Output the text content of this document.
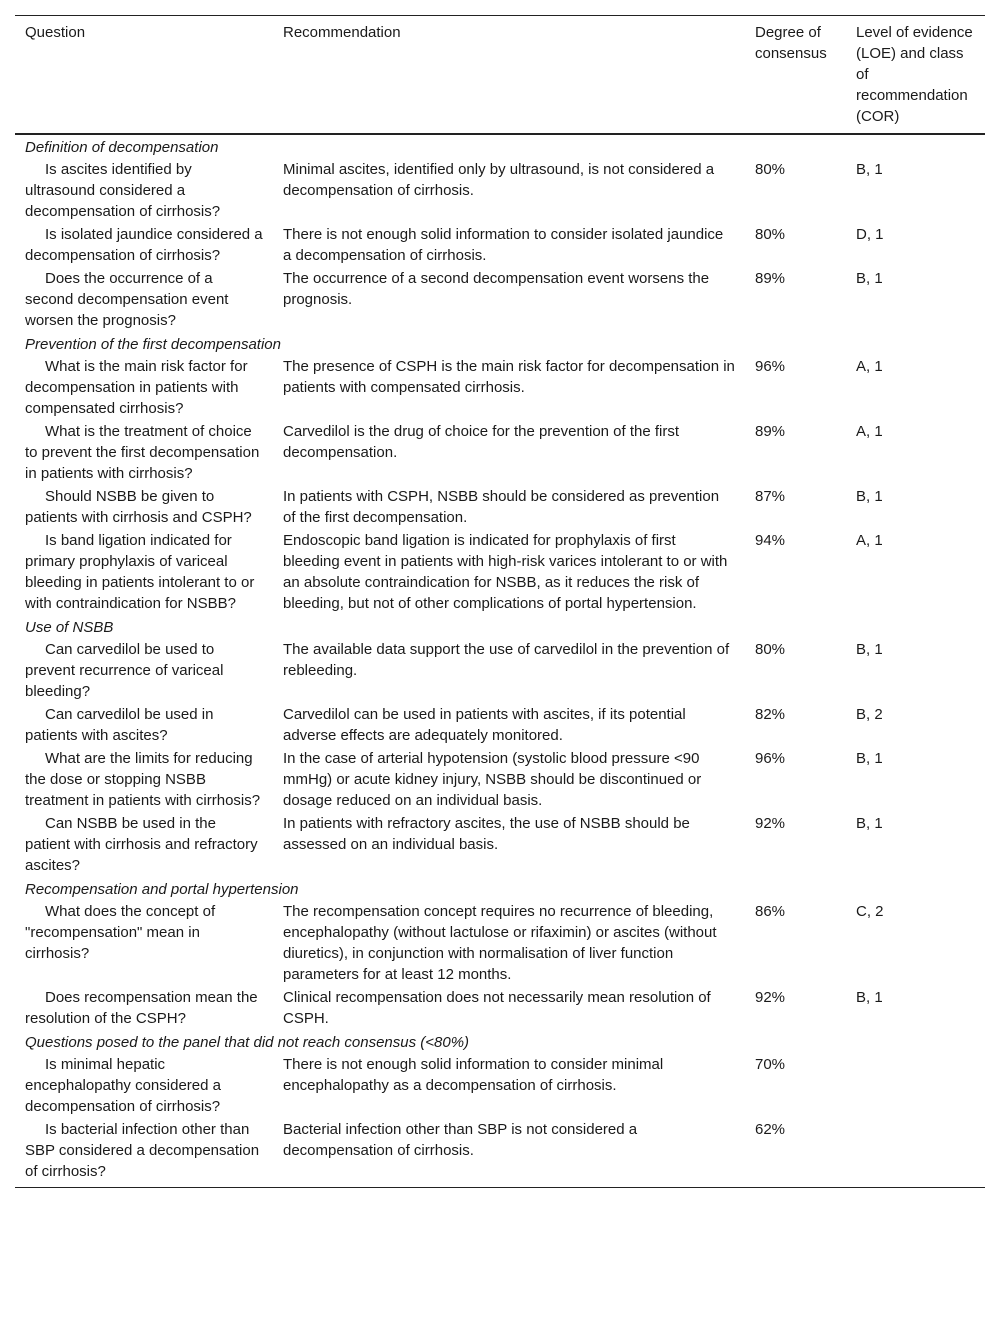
Question	Recommendation	Degree of consensus	Level of evidence (LOE) and class of recommendation (COR)
Definition of decompensation			
Is ascites identified by ultrasound considered a decompensation of cirrhosis?	Minimal ascites, identified only by ultrasound, is not considered a decompensation of cirrhosis.	80%	B, 1
Is isolated jaundice considered a decompensation of cirrhosis?	There is not enough solid information to consider isolated jaundice a decompensation of cirrhosis.	80%	D, 1
Does the occurrence of a second decompensation event worsen the prognosis?	The occurrence of a second decompensation event worsens the prognosis.	89%	B, 1
Prevention of the first decompensation			
What is the main risk factor for decompensation in patients with compensated cirrhosis?	The presence of CSPH is the main risk factor for decompensation in patients with compensated cirrhosis.	96%	A, 1
What is the treatment of choice to prevent the first decompensation in patients with cirrhosis?	Carvedilol is the drug of choice for the prevention of the first decompensation.	89%	A, 1
Should NSBB be given to patients with cirrhosis and CSPH?	In patients with CSPH, NSBB should be considered as prevention of the first decompensation.	87%	B, 1
Is band ligation indicated for primary prophylaxis of variceal bleeding in patients intolerant to or with contraindication for NSBB?	Endoscopic band ligation is indicated for prophylaxis of first bleeding event in patients with high-risk varices intolerant to or with an absolute contraindication for NSBB, as it reduces the risk of bleeding, but not of other complications of portal hypertension.	94%	A, 1
Use of NSBB			
Can carvedilol be used to prevent recurrence of variceal bleeding?	The available data support the use of carvedilol in the prevention of rebleeding.	80%	B, 1
Can carvedilol be used in patients with ascites?	Carvedilol can be used in patients with ascites, if its potential adverse effects are adequately monitored.	82%	B, 2
What are the limits for reducing the dose or stopping NSBB treatment in patients with cirrhosis?	In the case of arterial hypotension (systolic blood pressure <90 mmHg) or acute kidney injury, NSBB should be discontinued or dosage reduced on an individual basis.	96%	B, 1
Can NSBB be used in the patient with cirrhosis and refractory ascites?	In patients with refractory ascites, the use of NSBB should be assessed on an individual basis.	92%	B, 1
Recompensation and portal hypertension			
What does the concept of "recompensation" mean in cirrhosis?	The recompensation concept requires no recurrence of bleeding, encephalopathy (without lactulose or rifaximin) or ascites (without diuretics), in conjunction with normalisation of liver function parameters for at least 12 months.	86%	C, 2
Does recompensation mean the resolution of the CSPH?	Clinical recompensation does not necessarily mean resolution of CSPH.	92%	B, 1
Questions posed to the panel that did not reach consensus (<80%)			
Is minimal hepatic encephalopathy considered a decompensation of cirrhosis?	There is not enough solid information to consider minimal encephalopathy as a decompensation of cirrhosis.	70%	
Is bacterial infection other than SBP considered a decompensation of cirrhosis?	Bacterial infection other than SBP is not considered a decompensation of cirrhosis.	62%	
